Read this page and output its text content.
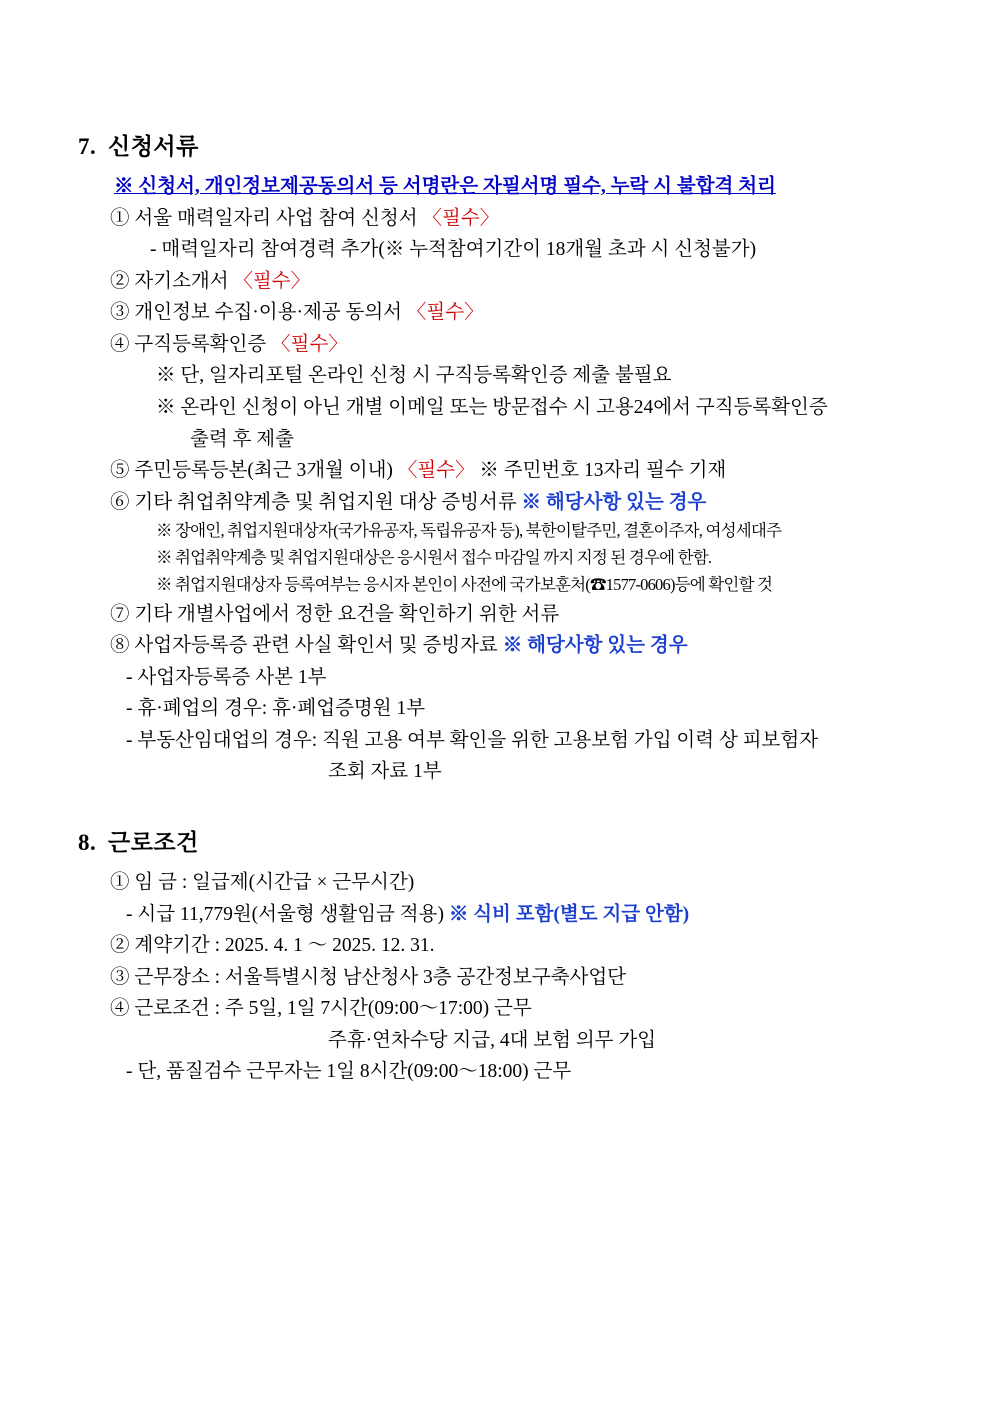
7. 신청서류
※ 신청서, 개인정보제공동의서 등 서명란은 자필서명 필수, 누락 시 불합격 처리
① 서울 매력일자리 사업 참여 신청서 〈필수〉
- 매력일자리 참여경력 추가(※ 누적참여기간이 18개월 초과 시 신청불가)
② 자기소개서 〈필수〉
③ 개인정보 수집·이용·제공 동의서 〈필수〉
④ 구직등록확인증 〈필수〉
※ 단, 일자리포털 온라인 신청 시 구직등록확인증 제출 불필요
※ 온라인 신청이 아닌 개별 이메일 또는 방문접수 시 고용24에서 구직등록확인증
출력 후 제출
⑤ 주민등록등본(최근 3개월 이내) 〈필수〉 ※ 주민번호 13자리 필수 기재
⑥ 기타 취업취약계층 및 취업지원 대상 증빙서류 ※ 해당사항 있는 경우
※ 장애인, 취업지원대상자(국가유공자, 독립유공자 등), 북한이탈주민, 결혼이주자, 여성세대주
※ 취업취약계층 및 취업지원대상은 응시원서 접수 마감일 까지 지정 된 경우에 한함.
※ 취업지원대상자 등록여부는 응시자 본인이 사전에 국가보훈처(☎1577-0606)등에 확인할 것
⑦ 기타 개별사업에서 정한 요건을 확인하기 위한 서류
⑧ 사업자등록증 관련 사실 확인서 및 증빙자료 ※ 해당사항 있는 경우
- 사업자등록증 사본 1부
- 휴·폐업의 경우: 휴·폐업증명원 1부
- 부동산임대업의 경우: 직원 고용 여부 확인을 위한 고용보험 가입 이력 상 피보험자
조회 자료 1부
8. 근로조건
① 임 금 : 일급제(시간급 × 근무시간)
- 시급 11,779원(서울형 생활임금 적용) ※ 식비 포함(별도 지급 안함)
② 계약기간 : 2025. 4. 1 ～ 2025. 12. 31.
③ 근무장소 : 서울특별시청 남산청사 3층 공간정보구축사업단
④ 근로조건 : 주 5일, 1일 7시간(09:00～17:00) 근무
주휴·연차수당 지급, 4대 보험 의무 가입
- 단, 품질검수 근무자는 1일 8시간(09:00～18:00) 근무
